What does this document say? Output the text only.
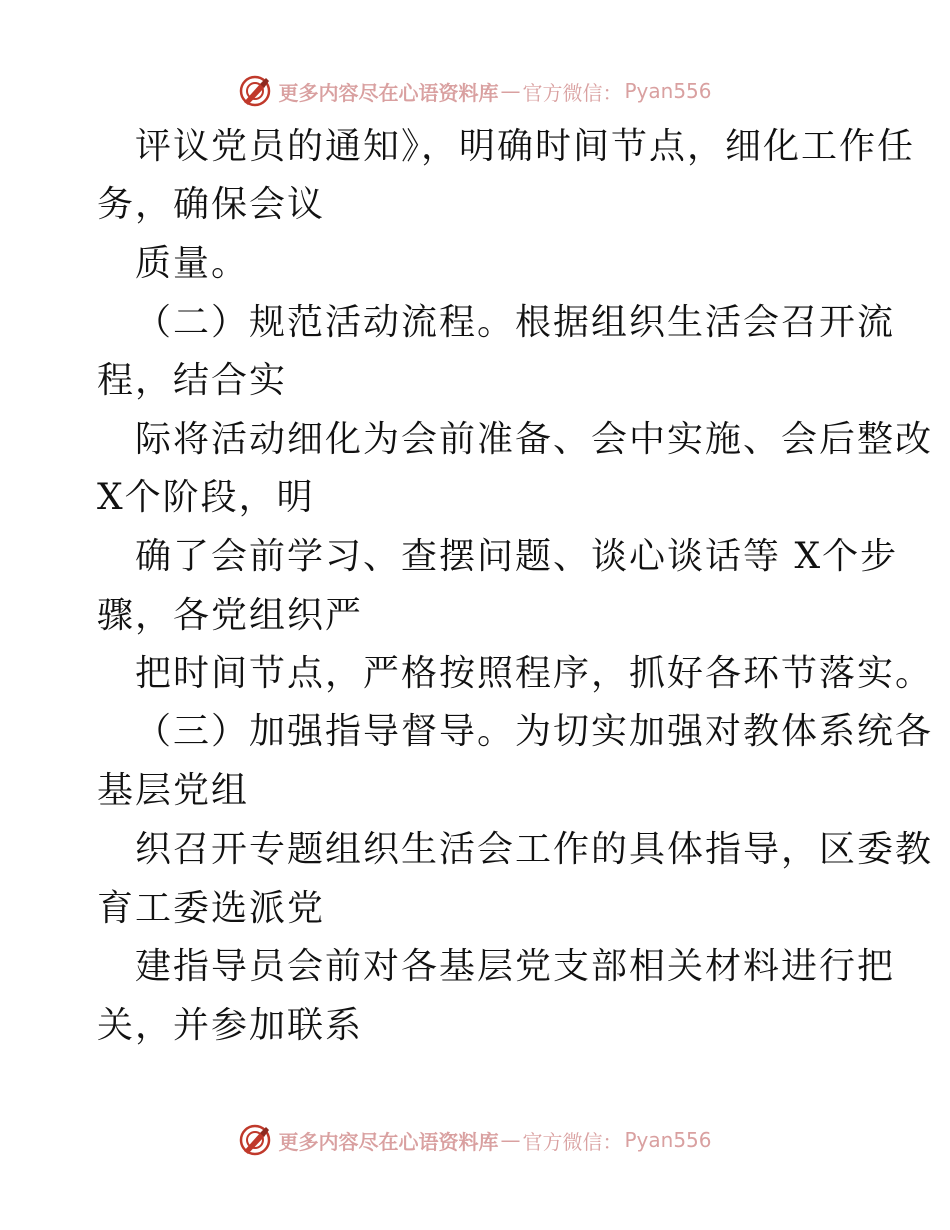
更多内容尽在心语资料库 — 官方微信： Pyan556
评议党员的通知》，明确时间节点，细化工作任
务，确保会议
质量。
（二）规范活动流程。根据组织生活会召开流
程，结合实
际将活动细化为会前准备、会中实施、会后整改
X个阶段，明
确了会前学习、查摆问题、谈心谈话等 X个步
骤，各党组织严
把时间节点，严格按照程序，抓好各环节落实。
（三）加强指导督导。为切实加强对教体系统各
基层党组
织召开专题组织生活会工作的具体指导，区委教
育工委选派党
建指导员会前对各基层党支部相关材料进行把
关，并参加联系
更多内容尽在心语资料库 — 官方微信： Pyan556
